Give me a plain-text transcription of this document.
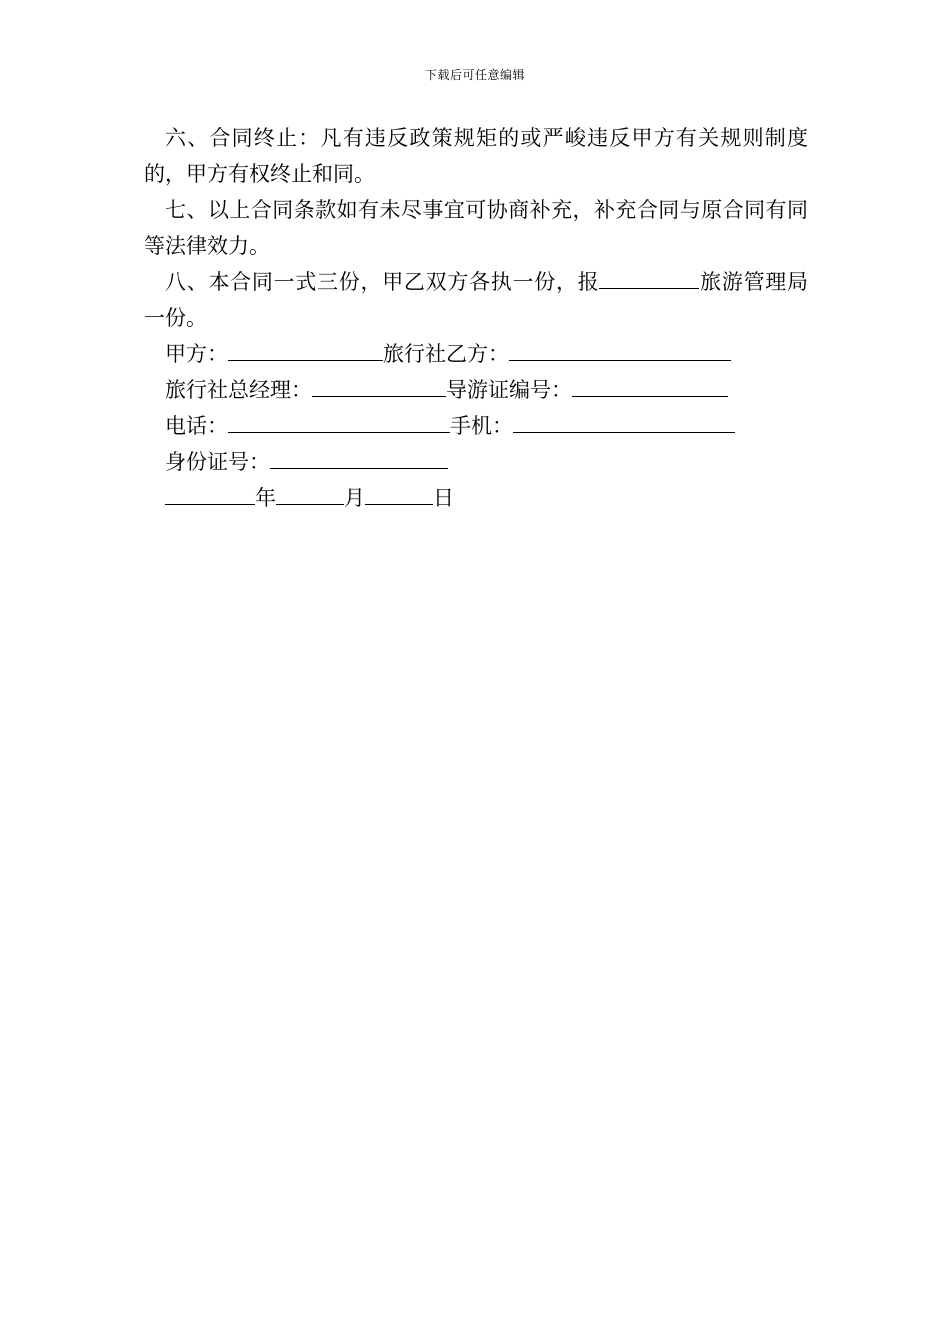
下载后可任意编辑

六、合同终止：凡有违反政策规矩的或严峻违反甲方有关规则制度的，甲方有权终止和同。

七、以上合同条款如有未尽事宜可协商补充，补充合同与原合同有同等法律效力。

八、本合同一式三份，甲乙双方各执一份，报	旅游管理局一份。

甲方：	旅行社乙方：
旅行社总经理：	导游证编号：
电话：	手机：
身份证号：
年	月	日
